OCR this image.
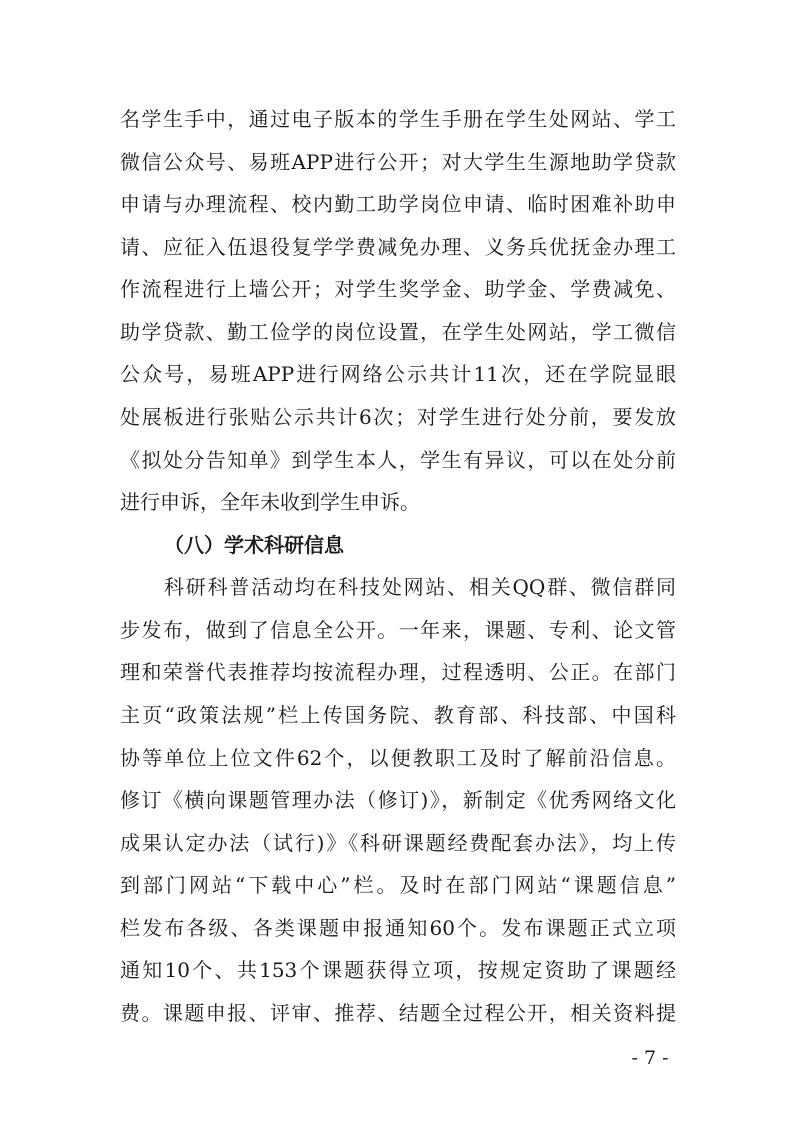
名学生手中，通过电子版本的学生手册在学生处网站、学工
微信公众号、易班APP进行公开；对大学生生源地助学贷款
申请与办理流程、校内勤工助学岗位申请、临时困难补助申
请、应征入伍退役复学学费减免办理、义务兵优抚金办理工
作流程进行上墙公开；对学生奖学金、助学金、学费减免、
助学贷款、勤工俭学的岗位设置，在学生处网站，学工微信
公众号，易班APP进行网络公示共计11次，还在学院显眼
处展板进行张贴公示共计6次；对学生进行处分前，要发放
《拟处分告知单》到学生本人，学生有异议，可以在处分前
进行申诉，全年未收到学生申诉。
（八）学术科研信息
科研科普活动均在科技处网站、相关QQ群、微信群同
步发布，做到了信息全公开。一年来，课题、专利、论文管
理和荣誉代表推荐均按流程办理，过程透明、公正。在部门
主页“政策法规”栏上传国务院、教育部、科技部、中国科
协等单位上位文件62个，以便教职工及时了解前沿信息。
修订《横向课题管理办法（修订)》，新制定《优秀网络文化
成果认定办法（试行)》《科研课题经费配套办法》，均上传
到部门网站“下载中心”栏。及时在部门网站“课题信息”
栏发布各级、各类课题申报通知60个。发布课题正式立项
通知10个、共153个课题获得立项，按规定资助了课题经
费。课题申报、评审、推荐、结题全过程公开，相关资料提
- 7 -
